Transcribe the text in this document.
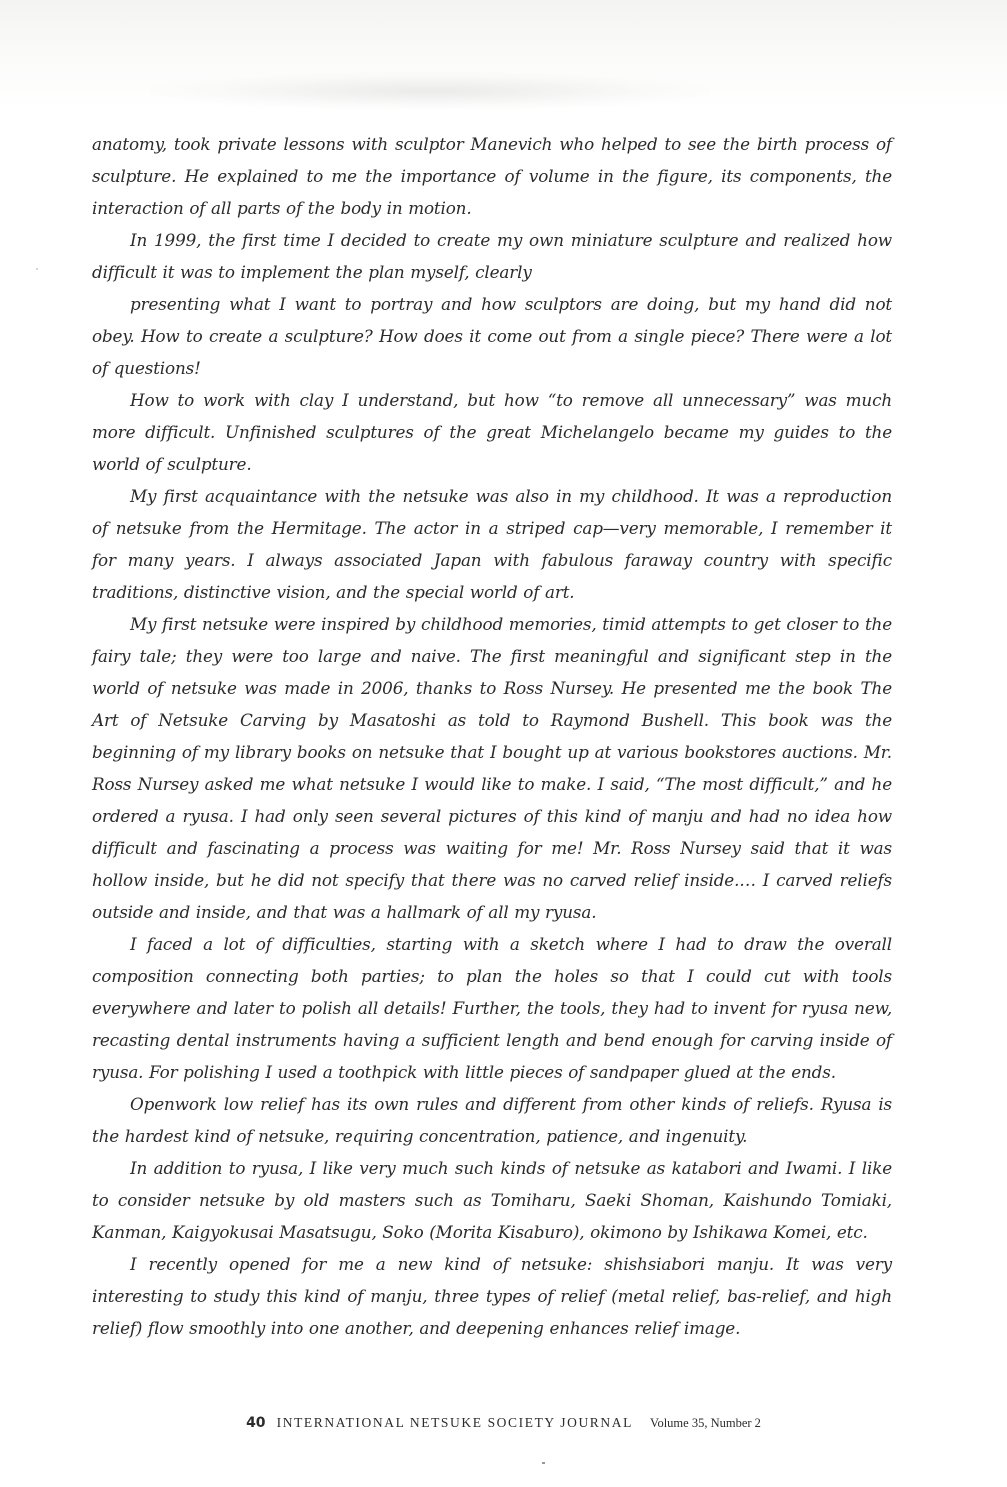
anatomy, took private lessons with sculptor Manevich who helped to see the birth process of sculpture. He explained to me the importance of volume in the figure, its components, the interaction of all parts of the body in motion.

In 1999, the first time I decided to create my own miniature sculpture and realized how difficult it was to implement the plan myself, clearly

presenting what I want to portray and how sculptors are doing, but my hand did not obey. How to create a sculpture? How does it come out from a single piece? There were a lot of questions!

How to work with clay I understand, but how “to remove all unnecessary” was much more difficult. Unfinished sculptures of the great Michelangelo became my guides to the world of sculpture.

My first acquaintance with the netsuke was also in my childhood. It was a reproduction of netsuke from the Hermitage. The actor in a striped cap—very memorable, I remember it for many years. I always associated Japan with fabulous faraway country with specific traditions, distinctive vision, and the special world of art.

My first netsuke were inspired by childhood memories, timid attempts to get closer to the fairy tale; they were too large and naive. The first meaningful and significant step in the world of netsuke was made in 2006, thanks to Ross Nursey. He presented me the book The Art of Netsuke Carving by Masatoshi as told to Raymond Bushell. This book was the beginning of my library books on netsuke that I bought up at various bookstores auctions. Mr. Ross Nursey asked me what netsuke I would like to make. I said, “The most difficult,” and he ordered a ryusa. I had only seen several pictures of this kind of manju and had no idea how difficult and fascinating a process was waiting for me! Mr. Ross Nursey said that it was hollow inside, but he did not specify that there was no carved relief inside.… I carved reliefs outside and inside, and that was a hallmark of all my ryusa.

I faced a lot of difficulties, starting with a sketch where I had to draw the overall composition connecting both parties; to plan the holes so that I could cut with tools everywhere and later to polish all details! Further, the tools, they had to invent for ryusa new, recasting dental instruments having a sufficient length and bend enough for carving inside of ryusa. For polishing I used a toothpick with little pieces of sandpaper glued at the ends.

Openwork low relief has its own rules and different from other kinds of reliefs. Ryusa is the hardest kind of netsuke, requiring concentration, patience, and ingenuity.

In addition to ryusa, I like very much such kinds of netsuke as katabori and Iwami. I like to consider netsuke by old masters such as Tomiharu, Saeki Shoman, Kaishundo Tomiaki, Kanman, Kaigyokusai Masatsugu, Soko (Morita Kisaburo), okimono by Ishikawa Komei, etc.

I recently opened for me a new kind of netsuke: shishsiabori manju. It was very interesting to study this kind of manju, three types of relief (metal relief, bas-relief, and high relief) flow smoothly into one another, and deepening enhances relief image.

40 INTERNATIONAL NETSUKE SOCIETY JOURNAL Volume 35, Number 2
